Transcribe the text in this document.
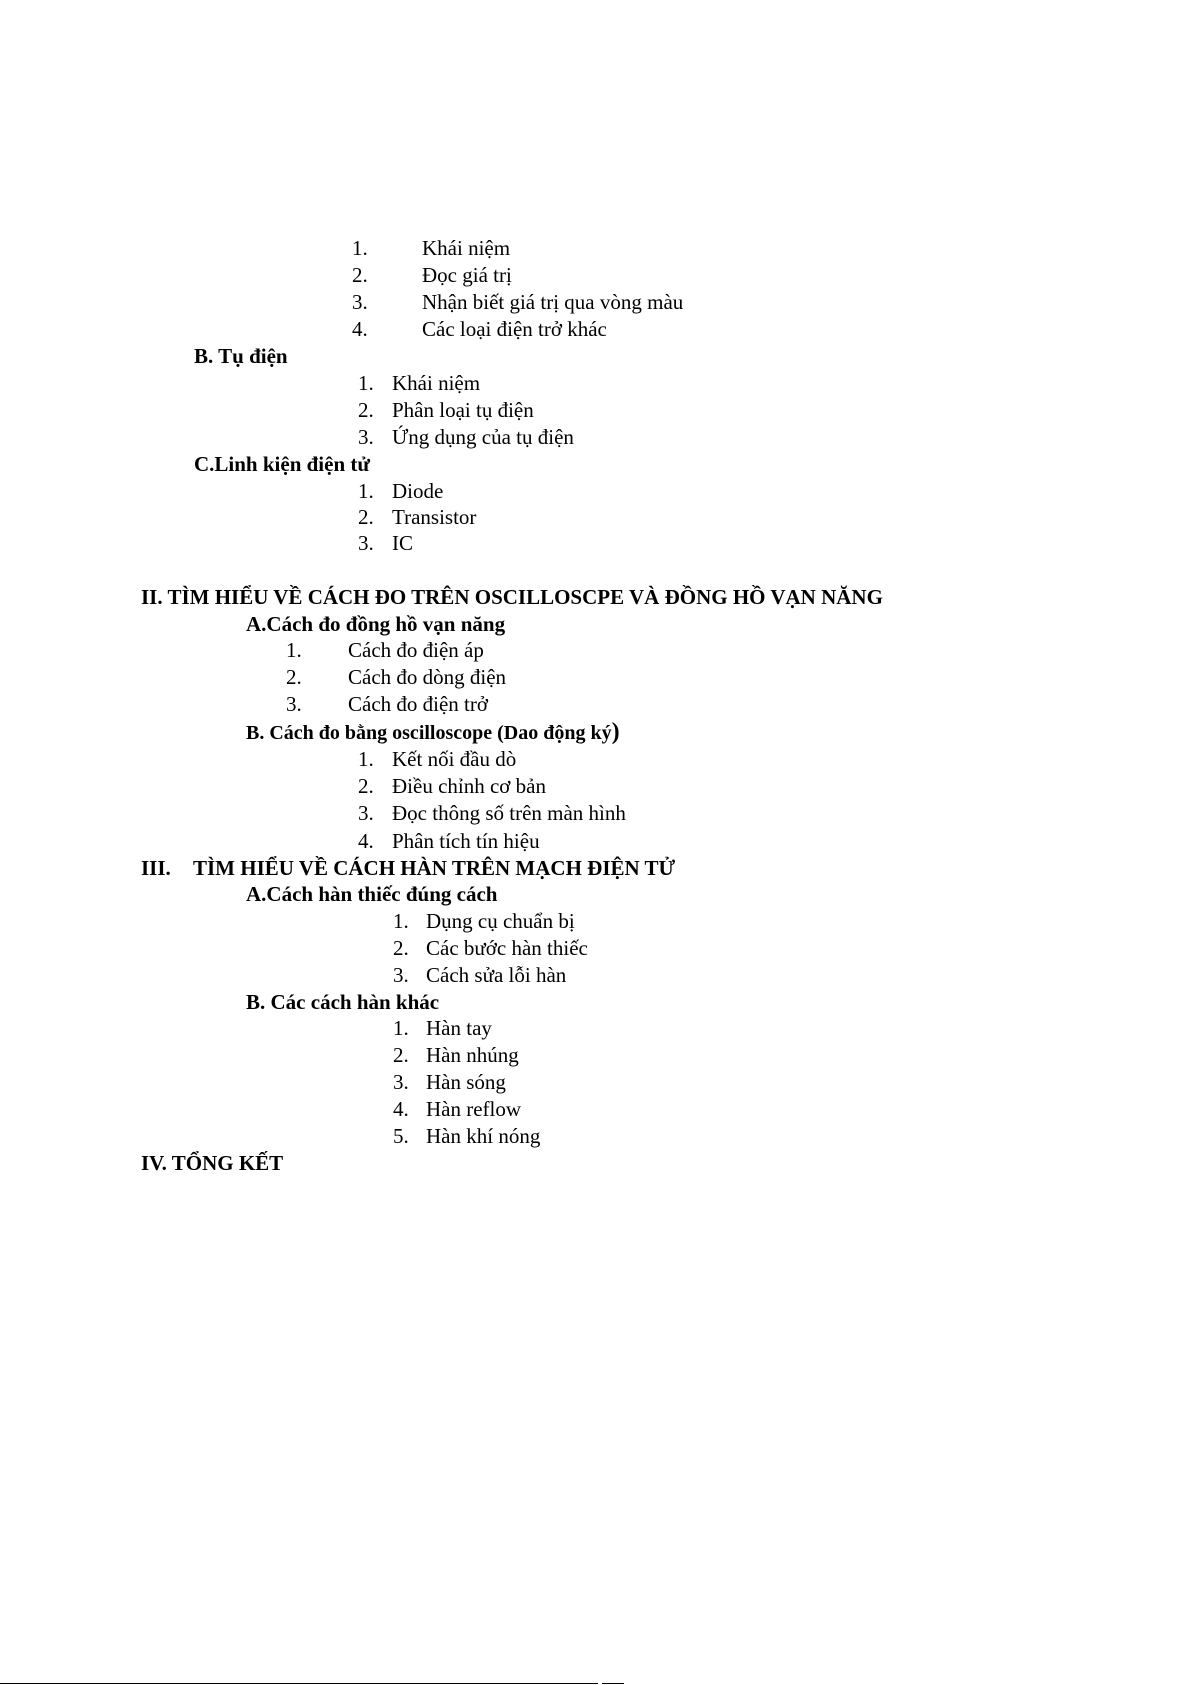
1.	Khái niệm
2.	Đọc giá trị
3.	Nhận biết giá trị qua vòng màu
4.	Các loại điện trở khác
B. Tụ điện
1. Khái niệm
2. Phân loại tụ điện
3. Ứng dụng của tụ điện
C.Linh kiện điện tử
1. Diode
2. Transistor
3. IC
II. TÌM HIỂU VỀ CÁCH ĐO TRÊN OSCILLOSCPE VÀ ĐỒNG HỒ VẠN NĂNG
A.Cách đo đồng hồ vạn năng
1. Cách đo điện áp
2. Cách đo dòng điện
3. Cách đo điện trở
B. Cách đo bằng oscilloscope (Dao động ký)
1. Kết nối đầu dò
2. Điều chỉnh cơ bản
3. Đọc thông số trên màn hình
4. Phân tích tín hiệu
III. TÌM HIỂU VỀ CÁCH HÀN TRÊN MẠCH ĐIỆN TỬ
A.Cách hàn thiếc đúng cách
1. Dụng cụ chuẩn bị
2. Các bước hàn thiếc
3. Cách sửa lỗi hàn
B. Các cách hàn khác
1. Hàn tay
2. Hàn nhúng
3. Hàn sóng
4. Hàn reflow
5. Hàn khí nóng
IV. TỔNG KẾT
